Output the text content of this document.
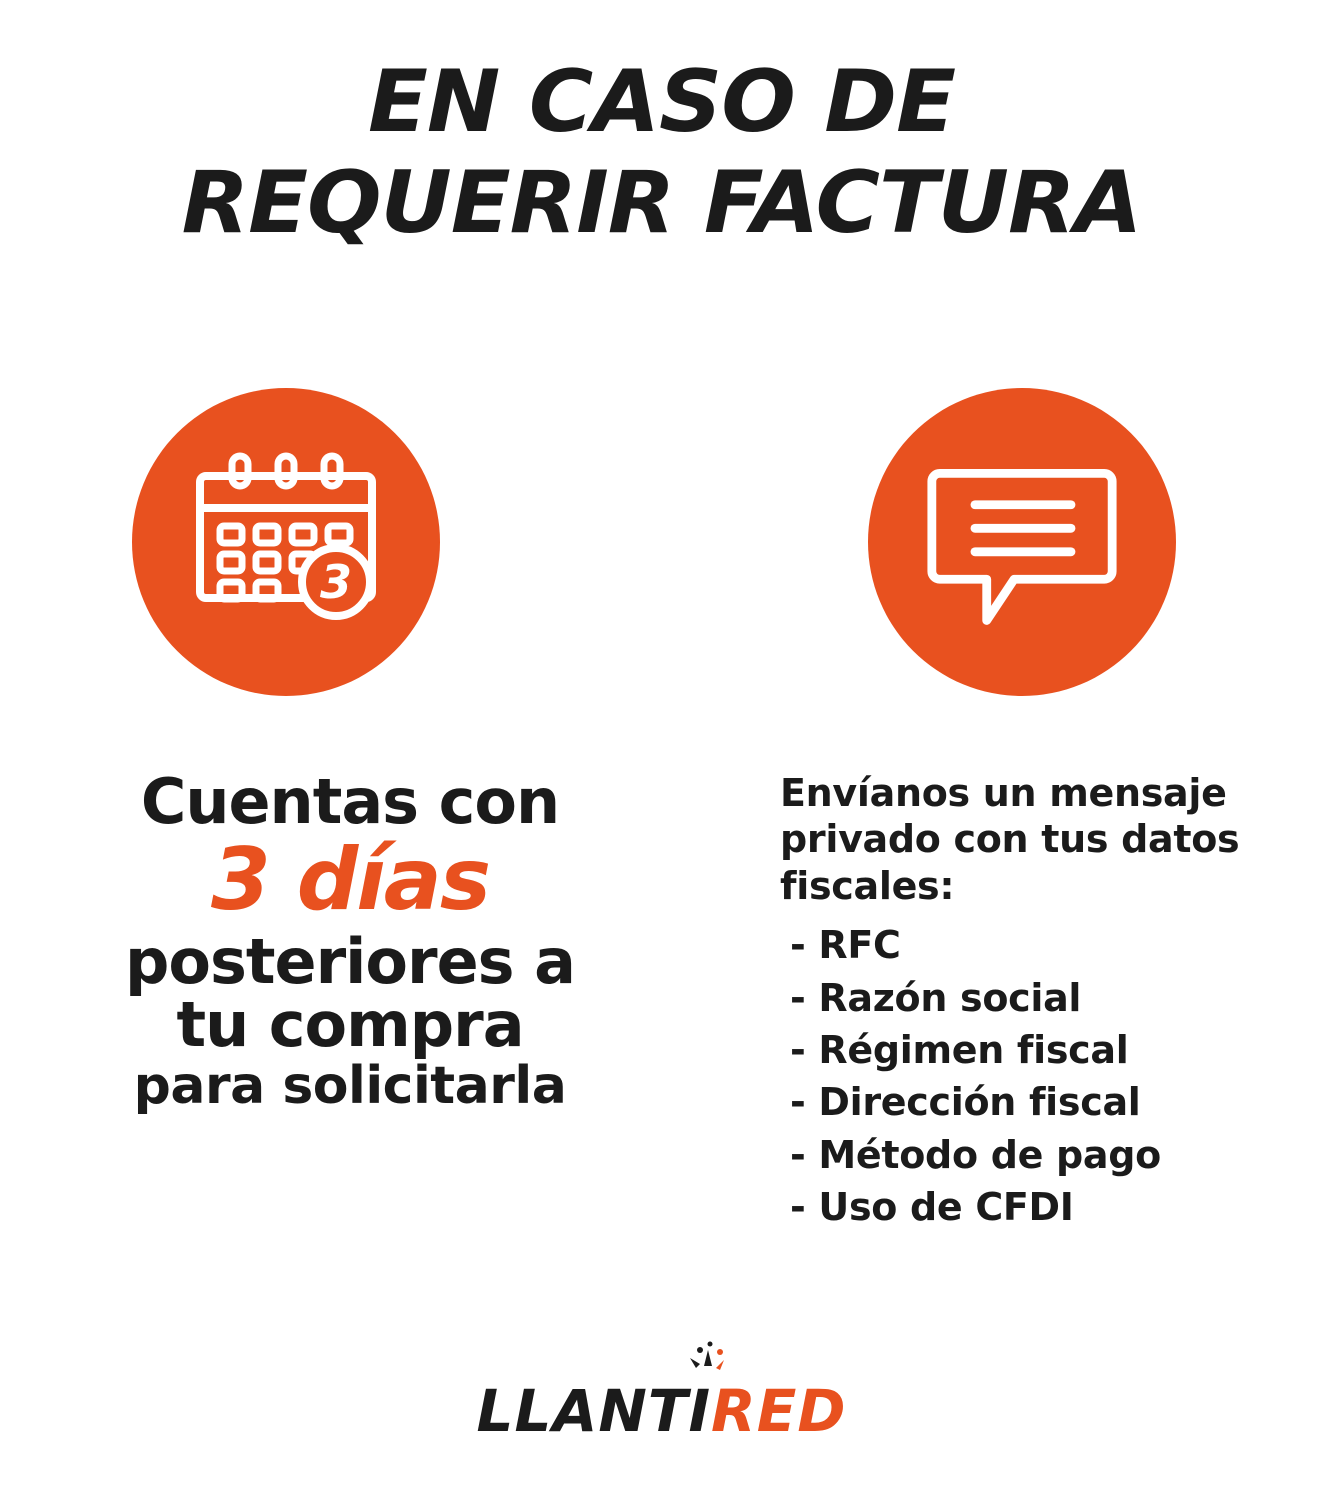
EN CASO DE
REQUERIR FACTURA
3
Cuentas con
3 días
posteriores a
tu compra
para solicitarla

Envíanos un mensaje privado con tus datos fiscales:

- RFC
- Razón social
- Régimen fiscal
- Dirección fiscal
- Método de pago
- Uso de CFDI
LLANTIRED
